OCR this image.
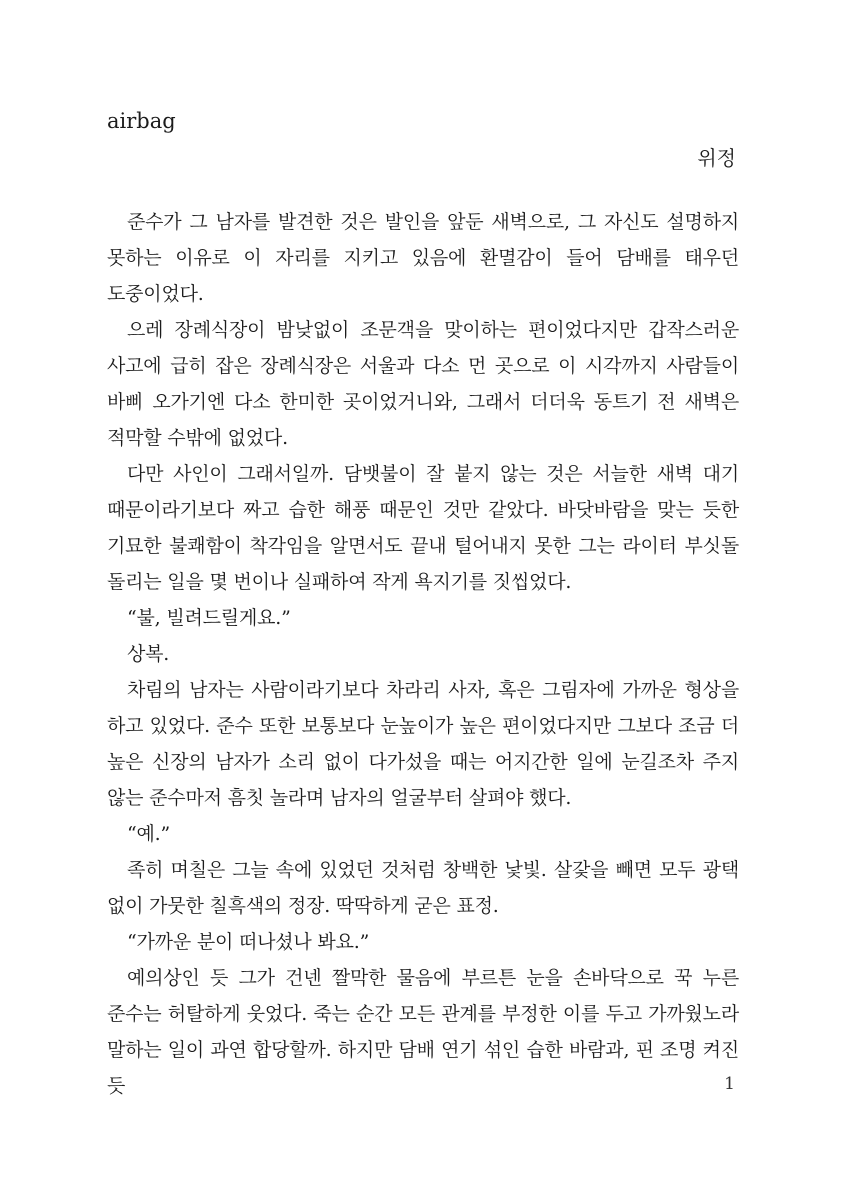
airbag
위정

준수가 그 남자를 발견한 것은 발인을 앞둔 새벽으로, 그 자신도 설명하지 못하는 이유로 이 자리를 지키고 있음에 환멸감이 들어 담배를 태우던 도중이었다.

으레 장례식장이 밤낮없이 조문객을 맞이하는 편이었다지만 갑작스러운 사고에 급히 잡은 장례식장은 서울과 다소 먼 곳으로 이 시각까지 사람들이 바삐 오가기엔 다소 한미한 곳이었거니와, 그래서 더더욱 동트기 전 새벽은 적막할 수밖에 없었다.

다만 사인이 그래서일까. 담뱃불이 잘 붙지 않는 것은 서늘한 새벽 대기 때문이라기보다 짜고 습한 해풍 때문인 것만 같았다. 바닷바람을 맞는 듯한 기묘한 불쾌함이 착각임을 알면서도 끝내 털어내지 못한 그는 라이터 부싯돌 돌리는 일을 몇 번이나 실패하여 작게 욕지기를 짓씹었다.

“불, 빌려드릴게요.”

상복.

차림의 남자는 사람이라기보다 차라리 사자, 혹은 그림자에 가까운 형상을 하고 있었다. 준수 또한 보통보다 눈높이가 높은 편이었다지만 그보다 조금 더 높은 신장의 남자가 소리 없이 다가섰을 때는 어지간한 일에 눈길조차 주지 않는 준수마저 흠칫 놀라며 남자의 얼굴부터 살펴야 했다.

“예.”

족히 며칠은 그늘 속에 있었던 것처럼 창백한 낯빛. 살갗을 빼면 모두 광택 없이 가뭇한 칠흑색의 정장. 딱딱하게 굳은 표정.

“가까운 분이 떠나셨나 봐요.”

예의상인 듯 그가 건넨 짤막한 물음에 부르튼 눈을 손바닥으로 꾹 누른 준수는 허탈하게 웃었다. 죽는 순간 모든 관계를 부정한 이를 두고 가까웠노라 말하는 일이 과연 합당할까. 하지만 담배 연기 섞인 습한 바람과, 핀 조명 켜진 듯	1
